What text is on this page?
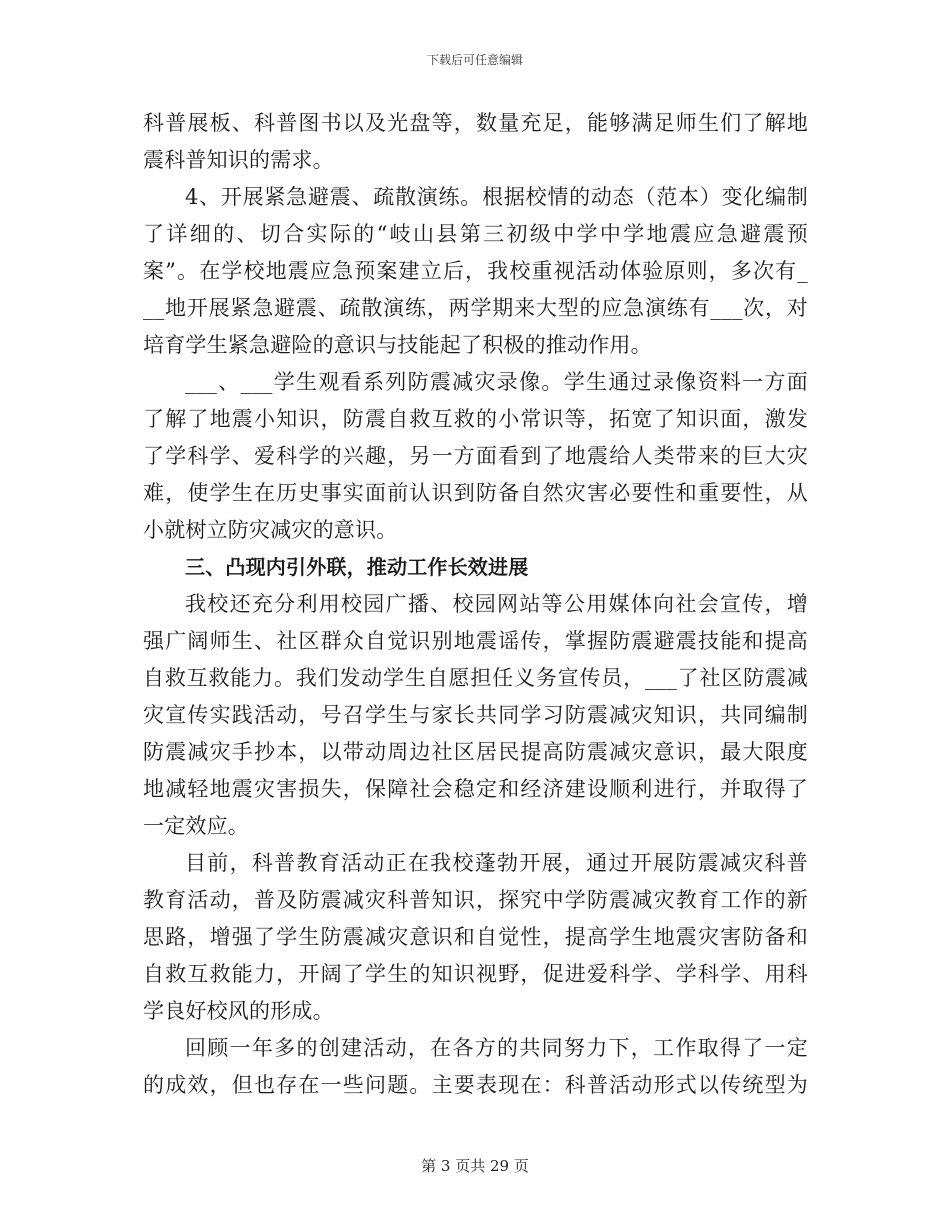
下载后可任意编辑
科普展板、科普图书以及光盘等，数量充足，能够满足师生们了解地
震科普知识的需求。
4、开展紧急避震、疏散演练。根据校情的动态（范本）变化编制
了详细的、切合实际的“岐山县第三初级中学中学地震应急避震预
案”。在学校地震应急预案建立后，我校重视活动体验原则，多次有_
__地开展紧急避震、疏散演练，两学期来大型的应急演练有___次，对
培育学生紧急避险的意识与技能起了积极的推动作用。
___、___学生观看系列防震减灾录像。学生通过录像资料一方面
了解了地震小知识，防震自救互救的小常识等，拓宽了知识面，激发
了学科学、爱科学的兴趣，另一方面看到了地震给人类带来的巨大灾
难，使学生在历史事实面前认识到防备自然灾害必要性和重要性，从
小就树立防灾减灾的意识。
三、凸现内引外联，推动工作长效进展
我校还充分利用校园广播、校园网站等公用媒体向社会宣传，增
强广阔师生、社区群众自觉识别地震谣传，掌握防震避震技能和提高
自救互救能力。我们发动学生自愿担任义务宣传员，___了社区防震减
灾宣传实践活动，号召学生与家长共同学习防震减灾知识，共同编制
防震减灾手抄本，以带动周边社区居民提高防震减灾意识，最大限度
地减轻地震灾害损失，保障社会稳定和经济建设顺利进行，并取得了
一定效应。
目前，科普教育活动正在我校蓬勃开展，通过开展防震减灾科普
教育活动，普及防震减灾科普知识，探究中学防震减灾教育工作的新
思路，增强了学生防震减灾意识和自觉性，提高学生地震灾害防备和
自救互救能力，开阔了学生的知识视野，促进爱科学、学科学、用科
学良好校风的形成。
回顾一年多的创建活动，在各方的共同努力下，工作取得了一定
的成效，但也存在一些问题。主要表现在：科普活动形式以传统型为
第 3 页共 29 页
